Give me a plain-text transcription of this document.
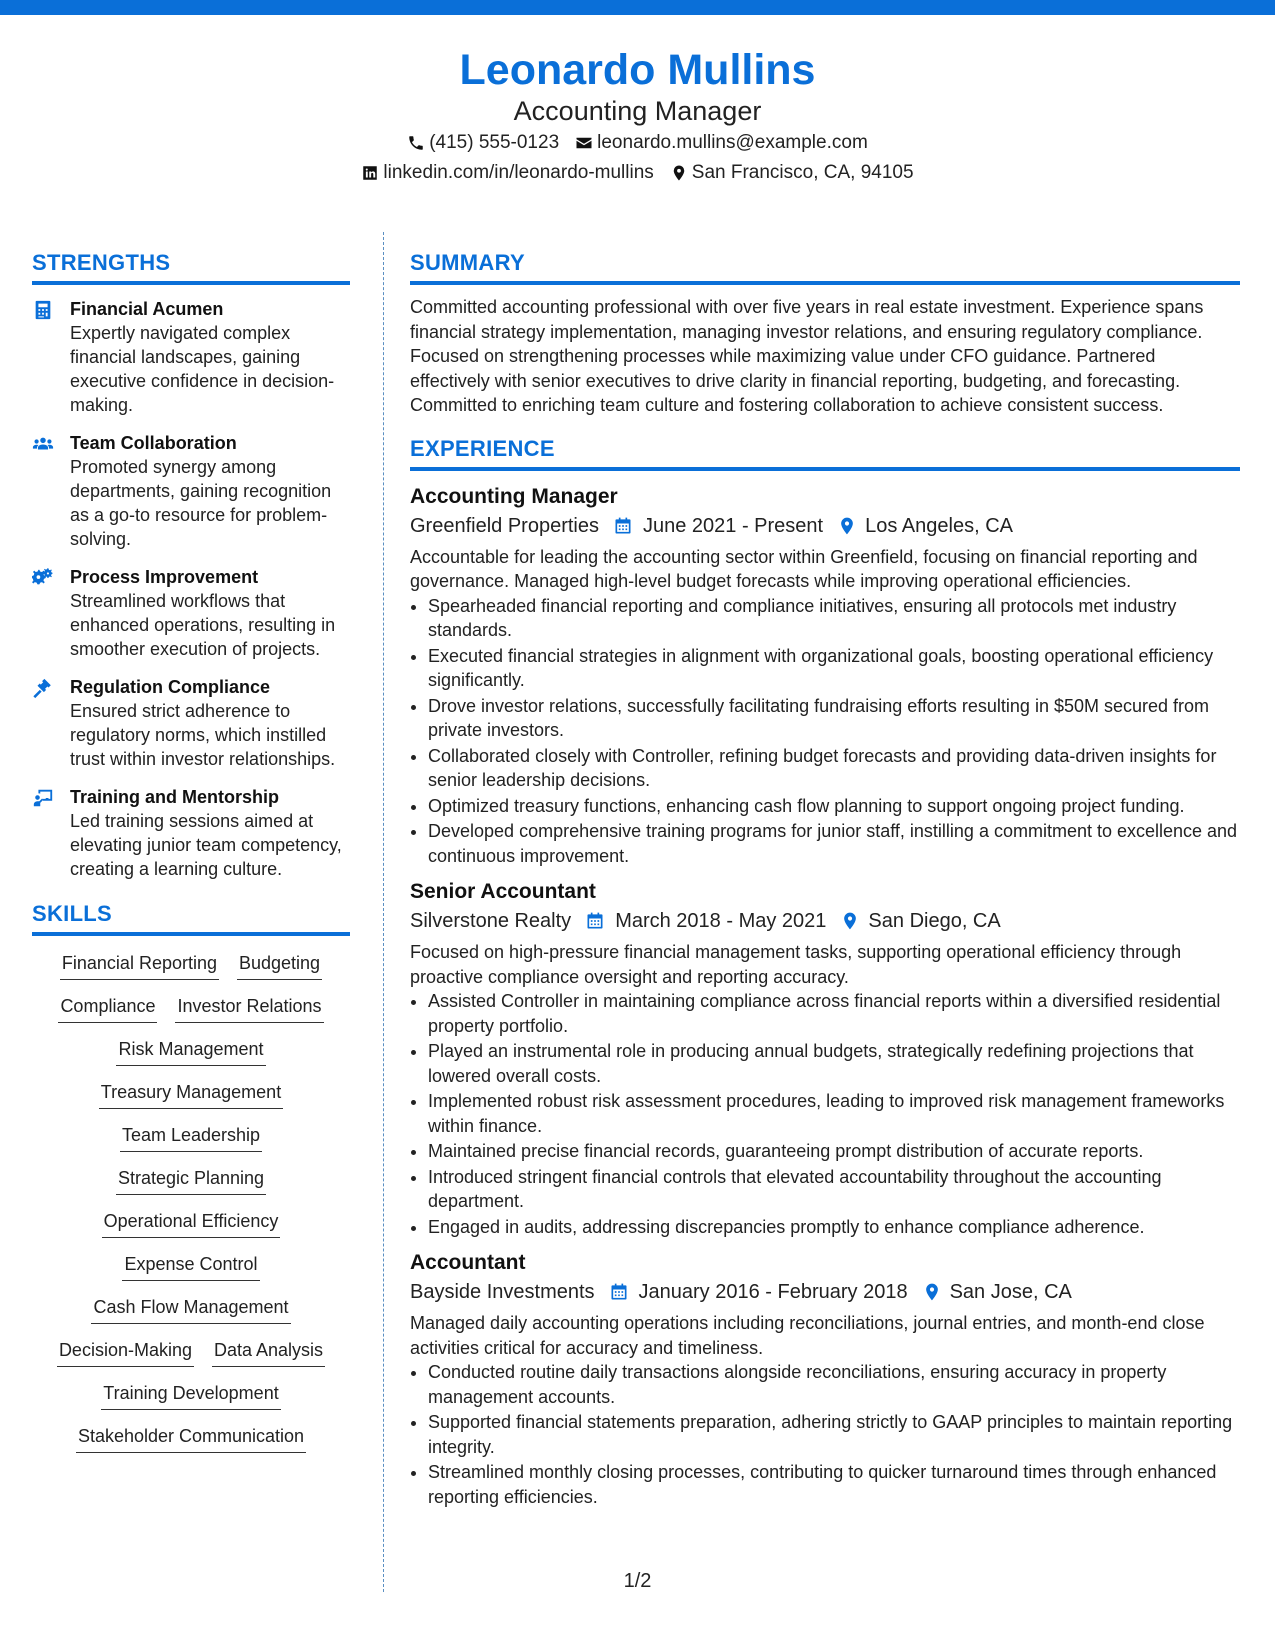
Leonardo Mullins
Accounting Manager
(415) 555-0123 leonardo.mullins@example.com
linkedin.com/in/leonardo-mullins San Francisco, CA, 94105
STRENGTHS
Financial Acumen
Expertly navigated complex financial landscapes, gaining executive confidence in decision-making.
Team Collaboration
Promoted synergy among departments, gaining recognition as a go-to resource for problem-solving.
Process Improvement
Streamlined workflows that enhanced operations, resulting in smoother execution of projects.
Regulation Compliance
Ensured strict adherence to regulatory norms, which instilled trust within investor relationships.
Training and Mentorship
Led training sessions aimed at elevating junior team competency, creating a learning culture.
SKILLS
Financial Reporting Budgeting
Compliance Investor Relations
Risk Management
Treasury Management
Team Leadership
Strategic Planning
Operational Efficiency
Expense Control
Cash Flow Management
Decision-Making Data Analysis
Training Development
Stakeholder Communication
SUMMARY
Committed accounting professional with over five years in real estate investment. Experience spans financial strategy implementation, managing investor relations, and ensuring regulatory compliance. Focused on strengthening processes while maximizing value under CFO guidance. Partnered effectively with senior executives to drive clarity in financial reporting, budgeting, and forecasting. Committed to enriching team culture and fostering collaboration to achieve consistent success.
EXPERIENCE
Accounting Manager
Greenfield Properties June 2021 - Present Los Angeles, CA
Accountable for leading the accounting sector within Greenfield, focusing on financial reporting and governance. Managed high-level budget forecasts while improving operational efficiencies.
• Spearheaded financial reporting and compliance initiatives, ensuring all protocols met industry standards.
• Executed financial strategies in alignment with organizational goals, boosting operational efficiency significantly.
• Drove investor relations, successfully facilitating fundraising efforts resulting in $50M secured from private investors.
• Collaborated closely with Controller, refining budget forecasts and providing data-driven insights for senior leadership decisions.
• Optimized treasury functions, enhancing cash flow planning to support ongoing project funding.
• Developed comprehensive training programs for junior staff, instilling a commitment to excellence and continuous improvement.
Senior Accountant
Silverstone Realty March 2018 - May 2021 San Diego, CA
Focused on high-pressure financial management tasks, supporting operational efficiency through proactive compliance oversight and reporting accuracy.
• Assisted Controller in maintaining compliance across financial reports within a diversified residential property portfolio.
• Played an instrumental role in producing annual budgets, strategically redefining projections that lowered overall costs.
• Implemented robust risk assessment procedures, leading to improved risk management frameworks within finance.
• Maintained precise financial records, guaranteeing prompt distribution of accurate reports.
• Introduced stringent financial controls that elevated accountability throughout the accounting department.
• Engaged in audits, addressing discrepancies promptly to enhance compliance adherence.
Accountant
Bayside Investments January 2016 - February 2018 San Jose, CA
Managed daily accounting operations including reconciliations, journal entries, and month-end close activities critical for accuracy and timeliness.
• Conducted routine daily transactions alongside reconciliations, ensuring accuracy in property management accounts.
• Supported financial statements preparation, adhering strictly to GAAP principles to maintain reporting integrity.
• Streamlined monthly closing processes, contributing to quicker turnaround times through enhanced reporting efficiencies.
1/2
